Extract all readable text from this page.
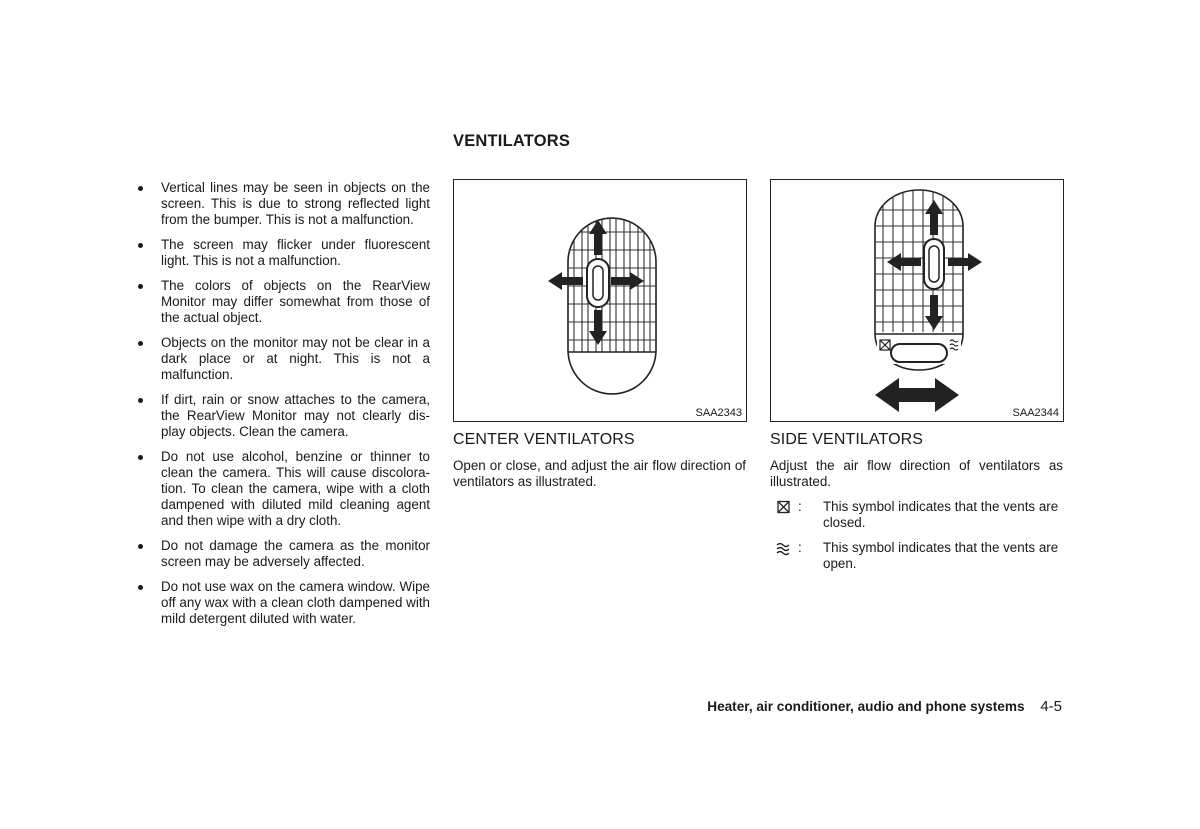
Vertical lines may be seen in objects on the screen. This is due to strong reflected light from the bumper. This is not a malfunction.
The screen may flicker under fluorescent light. This is not a malfunction.
The colors of objects on the RearView Monitor may differ somewhat from those of the actual object.
Objects on the monitor may not be clear in a dark place or at night. This is not a malfunction.
If dirt, rain or snow attaches to the camera, the RearView Monitor may not clearly dis-play objects. Clean the camera.
Do not use alcohol, benzine or thinner to clean the camera. This will cause discolora-tion. To clean the camera, wipe with a cloth dampened with diluted mild cleaning agent and then wipe with a dry cloth.
Do not damage the camera as the monitor screen may be adversely affected.
Do not use wax on the camera window. Wipe off any wax with a clean cloth dampened with mild detergent diluted with water.
VENTILATORS
SAA2343	SAA2344
CENTER VENTILATORS

Open or close, and adjust the air flow direction of ventilators as illustrated.

SIDE VENTILATORS

Adjust the air flow direction of ventilators as illustrated.

: This symbol indicates that the vents are closed.
: This symbol indicates that the vents are open.
Heater, air conditioner, audio and phone systems 4-5
